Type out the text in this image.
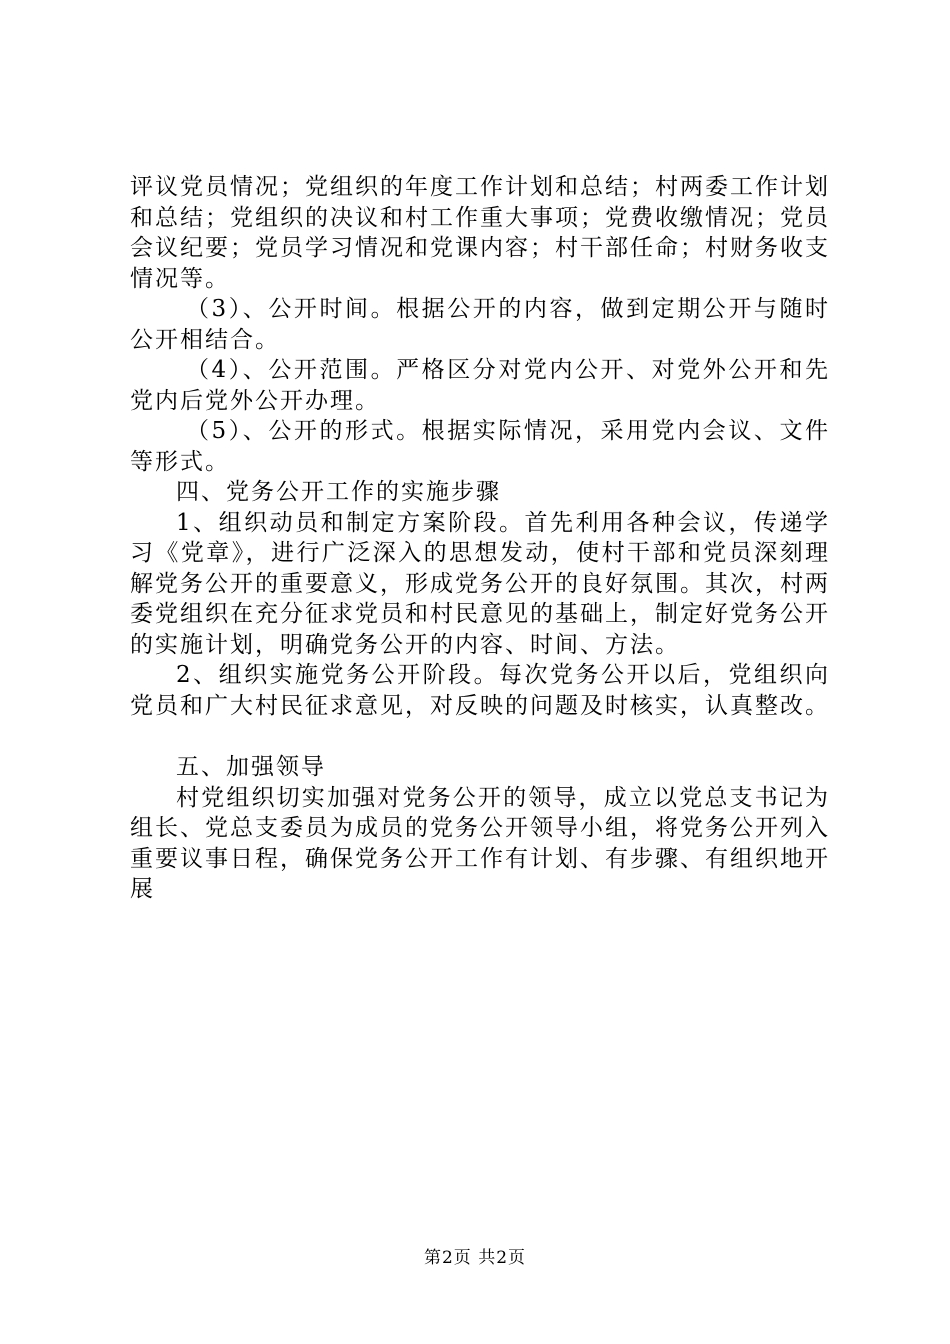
评议党员情况；党组织的年度工作计划和总结；村两委工作计划和总结；党组织的决议和村工作重大事项；党费收缴情况；党员会议纪要；党员学习情况和党课内容；村干部任命；村财务收支情况等。

（3）、公开时间。根据公开的内容，做到定期公开与随时公开相结合。

（4）、公开范围。严格区分对党内公开、对党外公开和先党内后党外公开办理。

（5）、公开的形式。根据实际情况，采用党内会议、文件等形式。

四、党务公开工作的实施步骤

1、组织动员和制定方案阶段。首先利用各种会议，传递学习《党章》，进行广泛深入的思想发动，使村干部和党员深刻理解党务公开的重要意义，形成党务公开的良好氛围。其次，村两委党组织在充分征求党员和村民意见的基础上，制定好党务公开的实施计划，明确党务公开的内容、时间、方法。

2、组织实施党务公开阶段。每次党务公开以后，党组织向党员和广大村民征求意见，对反映的问题及时核实，认真整改。

五、加强领导

村党组织切实加强对党务公开的领导，成立以党总支书记为组长、党总支委员为成员的党务公开领导小组，将党务公开列入重要议事日程，确保党务公开工作有计划、有步骤、有组织地开展

第2页 共2页
